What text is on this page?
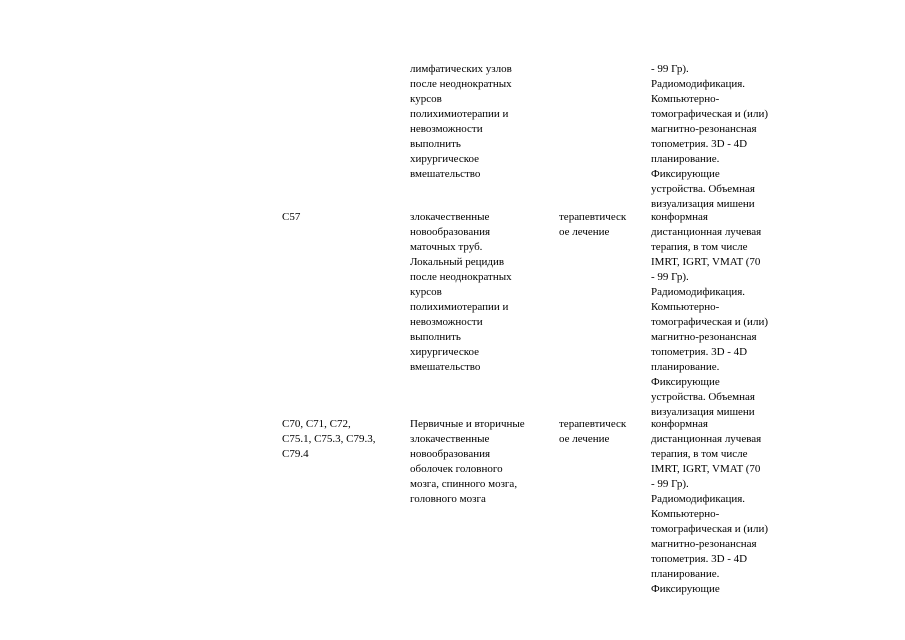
лимфатических узлов
после неоднократных
курсов
полихимиотерапии и
невозможности
выполнить
хирургическое
вмешательство
- 99 Гр).
Радиомодификация.
Компьютерно-
томографическая и (или)
магнитно-резонансная
топометрия. 3D - 4D
планирование.
Фиксирующие
устройства. Объемная
визуализация мишени
C57	злокачественные
новообразования
маточных труб.
Локальный рецидив
после неоднократных
курсов
полихимиотерапии и
невозможности
выполнить
хирургическое
вмешательство
терапевтическ
ое лечение
конформная
дистанционная лучевая
терапия, в том числе
IMRT, IGRT, VMAT (70
- 99 Гр).
Радиомодификация.
Компьютерно-
томографическая и (или)
магнитно-резонансная
топометрия. 3D - 4D
планирование.
Фиксирующие
устройства. Объемная
визуализация мишени
C70, C71, C72,
C75.1, C75.3, C79.3,
C79.4
Первичные и вторичные
злокачественные
новообразования
оболочек головного
мозга, спинного мозга,
головного мозга
терапевтическ
ое лечение
конформная
дистанционная лучевая
терапия, в том числе
IMRT, IGRT, VMAT (70
- 99 Гр).
Радиомодификация.
Компьютерно-
томографическая и (или)
магнитно-резонансная
топометрия. 3D - 4D
планирование.
Фиксирующие
